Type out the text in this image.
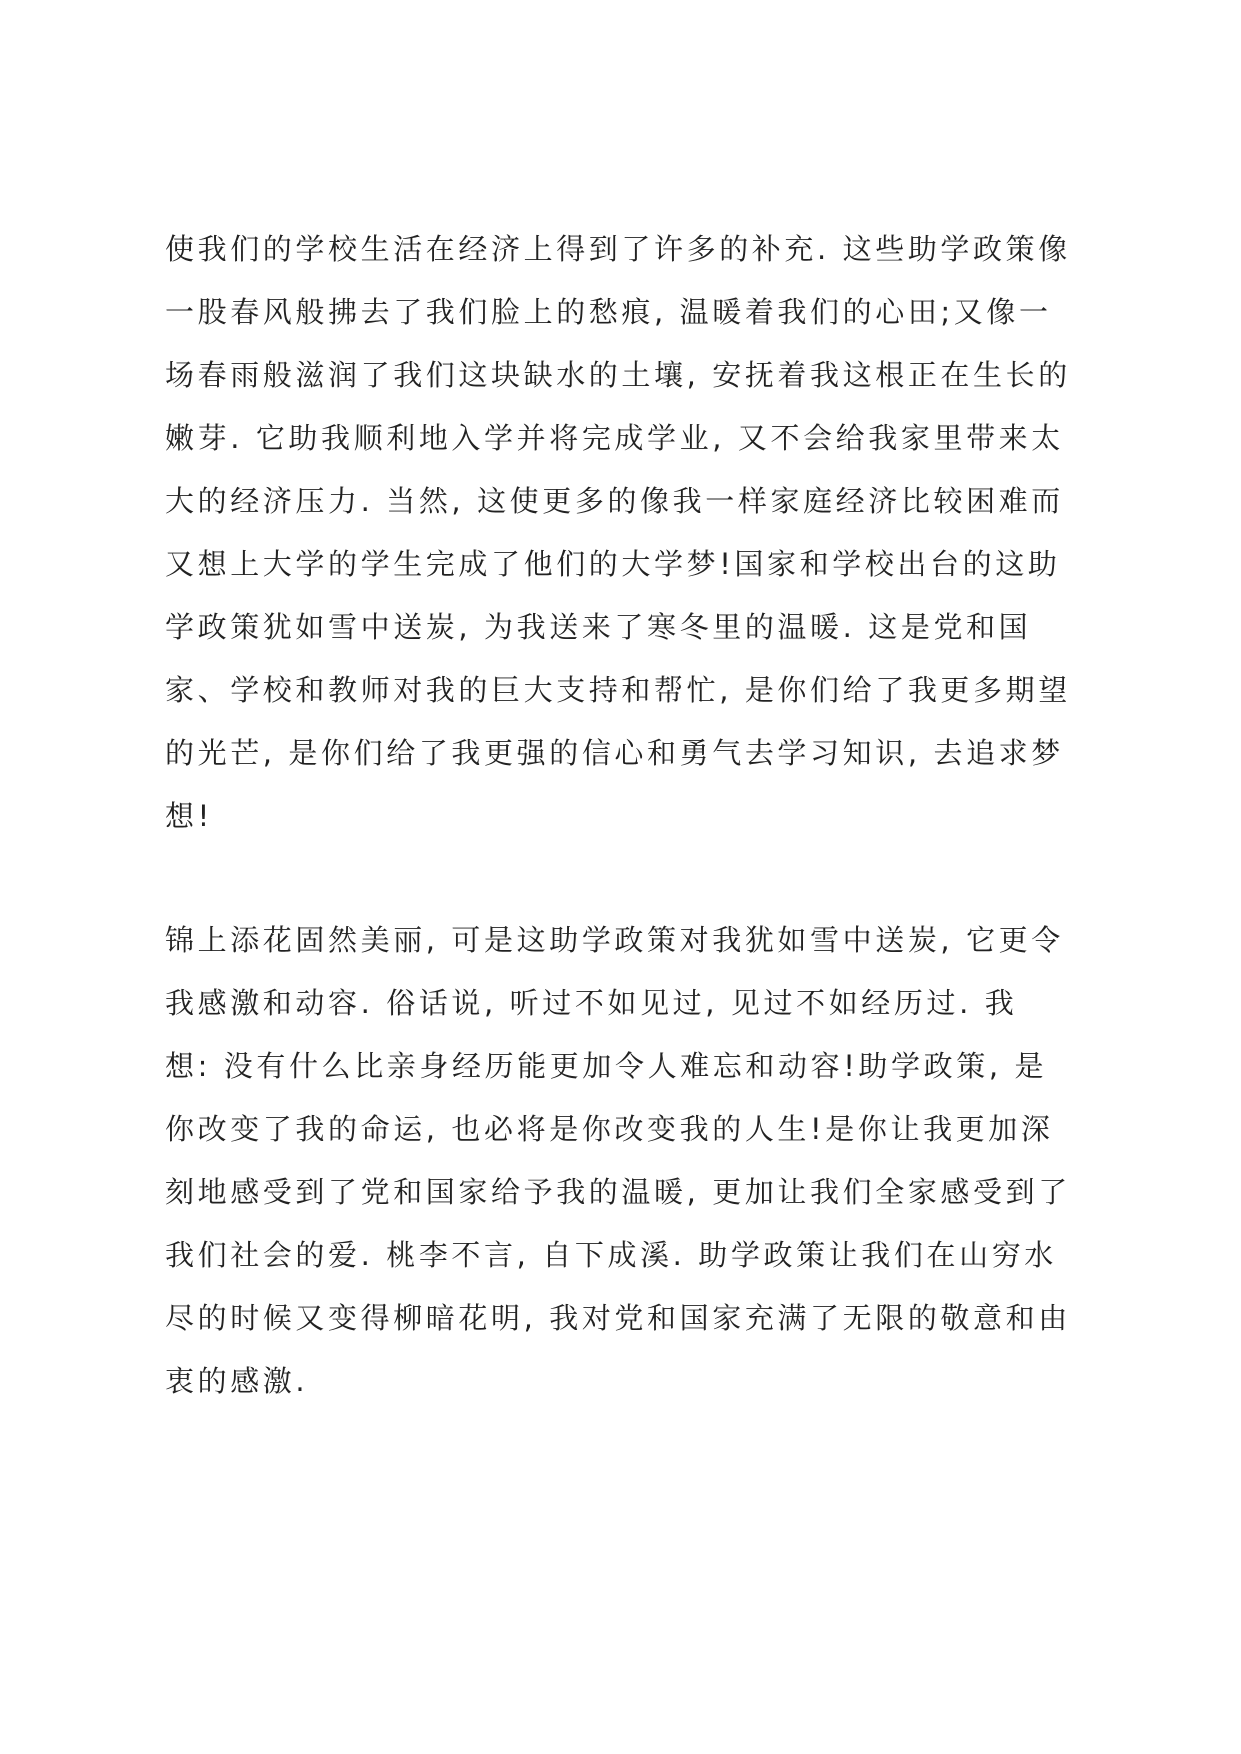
使我们的学校生活在经济上得到了许多的补充. 这些助学政策像
一股春风般拂去了我们脸上的愁痕, 温暖着我们的心田;又像一
场春雨般滋润了我们这块缺水的土壤, 安抚着我这根正在生长的
嫩芽. 它助我顺利地入学并将完成学业, 又不会给我家里带来太
大的经济压力. 当然, 这使更多的像我一样家庭经济比较困难而
又想上大学的学生完成了他们的大学梦!国家和学校出台的这助
学政策犹如雪中送炭, 为我送来了寒冬里的温暖. 这是党和国
家、学校和教师对我的巨大支持和帮忙, 是你们给了我更多期望
的光芒, 是你们给了我更强的信心和勇气去学习知识, 去追求梦
想!
锦上添花固然美丽, 可是这助学政策对我犹如雪中送炭, 它更令
我感激和动容. 俗话说, 听过不如见过, 见过不如经历过. 我
想: 没有什么比亲身经历能更加令人难忘和动容!助学政策, 是
你改变了我的命运, 也必将是你改变我的人生!是你让我更加深
刻地感受到了党和国家给予我的温暖, 更加让我们全家感受到了
我们社会的爱. 桃李不言, 自下成溪. 助学政策让我们在山穷水
尽的时候又变得柳暗花明, 我对党和国家充满了无限的敬意和由
衷的感激.
